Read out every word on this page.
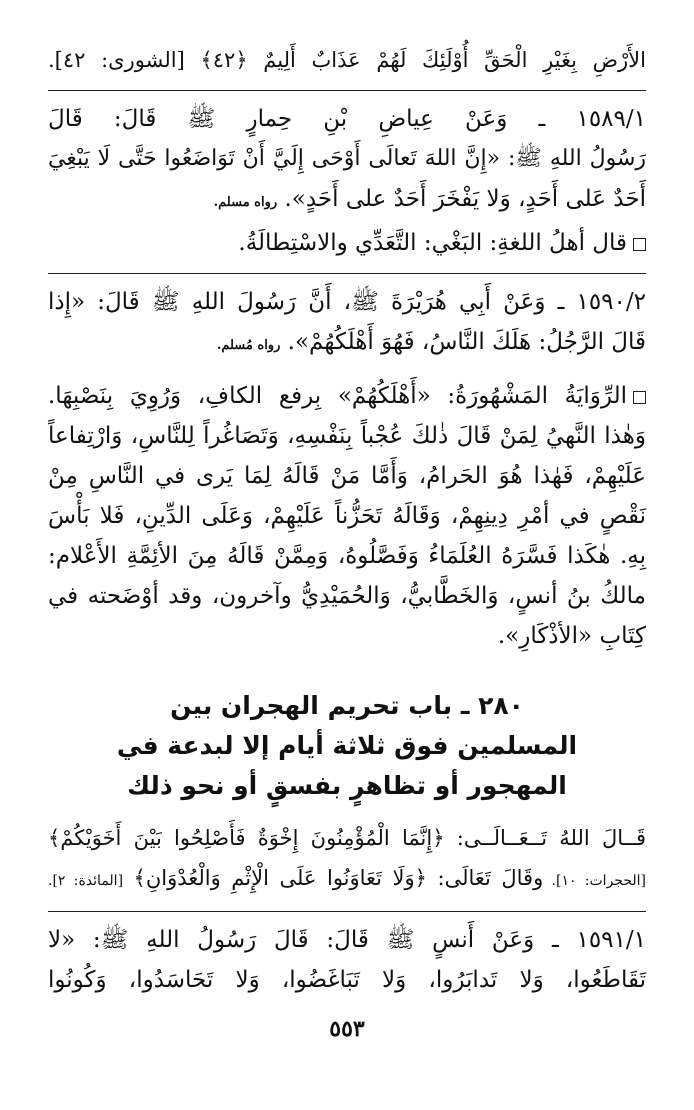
الأَرْضِ بِغَيْرِ الْحَقِّ أُوْلَئِكَ لَهُمْ عَذَابٌ أَلِيمٌ ﴿٤٢﴾ [الشورى: ٤٢].
١٥٨٩/١ ـ وَعَنْ عِياضِ بْنِ حِمارٍ ﷺ قَالَ: قَالَ
رَسُولُ اللهِ ﷺ: «إِنَّ اللهَ تَعالَى أَوْحَى إِلَيَّ أَنْ تَوَاضَعُوا حَتَّى لَا يَبْغِيَ
أَحَدٌ عَلى أَحَدٍ، وَلا يَفْخَرَ أَحَدٌ على أَحَدٍ». رواه مسلم.
قال أهلُ اللغةِ: البَغْي: التَّعَدِّي والاسْتِطالَةُ.
١٥٩٠/٢ ـ وَعَنْ أَبِي هُرَيْرَةَ ﷺ، أَنَّ رَسُولَ اللهِ ﷺ قَالَ: «إِذا
قَالَ الرَّجُلُ: هَلَكَ النَّاسُ، فَهُوَ أَهْلَكُهُمْ». رواه مُسلم.
الرِّوَايَةُ المَشْهُورَةُ: «أَهْلَكُهُمْ» بِرفع الكافِ، وَرُوِيَ بِنَصْبِهَا.
وَهٰذا النَّهيُ لِمَنْ قَالَ ذٰلكَ عُجْباً بِنَفْسِهِ، وَتَصَاغُراً لِلنَّاسِ، وَارْتِفاعاً
عَلَيْهِمْ، فَهٰذا هُوَ الحَرامُ، وَأَمَّا مَنْ قَالَهُ لِمَا يَرى في النَّاسِ مِنْ
نَقْصٍ في أمْرِ دِينِهِمْ، وَقَالَهُ تَحَزُّناً عَلَيْهِمْ، وَعَلَى الدِّينِ، فَلا بَأْسَ
بِهِ. هٰكَذا فَسَّرَهُ العُلَمَاءُ وَفَصَّلُوهُ، وَمِمَّنْ قَالَهُ مِنَ الأئِمَّةِ الأَعْلام:
مالكُ بنُ أنسٍ، وَالخَطَّابيُّ، وَالحُمَيْدِيُّ وآخرون، وقد أوْضَحته في
كِتَابِ «الأذْكَارِ».
٢٨٠ ـ باب تحريم الهجران بين
المسلمين فوق ثلاثة أيام إلا لبدعة في
المهجور أو تظاهرٍ بفسقٍ أو نحو ذلك
قَــالَ اللهُ تَــعَــالَــى: ﴿إِنَّمَا الْمُؤْمِنُونَ إِخْوَةٌ فَأَصْلِحُوا بَيْنَ أَخَوَيْكُمْ﴾
[الحجرات: ١٠]. وقَالَ تَعَالَى: ﴿وَلَا تَعَاوَنُوا عَلَى الْإِثْمِ وَالْعُدْوَانِ﴾ [المائدة: ٢].
١٥٩١/١ ـ وَعَنْ أَنسٍ ﷺ قَالَ: قَالَ رَسُولُ اللهِ ﷺ: «لا
تَقَاطَعُوا، وَلا تَدابَرُوا، وَلا تَبَاغَضُوا، وَلا تَحَاسَدُوا، وَكُونُوا
٥٥٣
